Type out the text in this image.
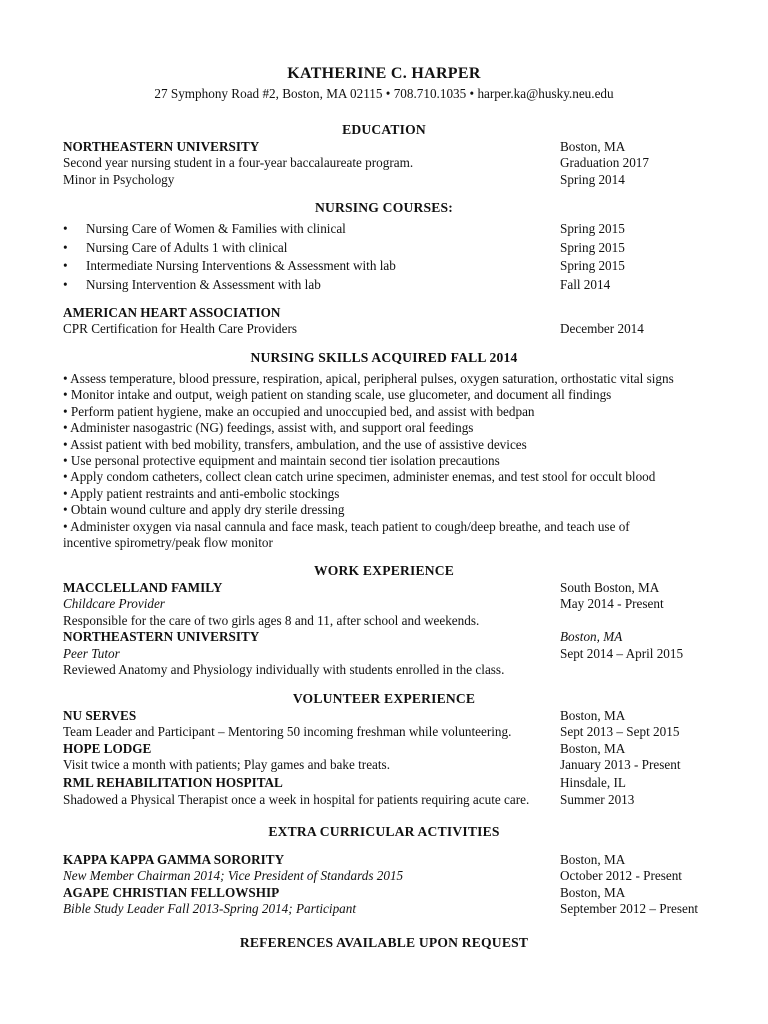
KATHERINE C. HARPER
27 Symphony Road #2, Boston, MA 02115 • 708.710.1035 • harper.ka@husky.neu.edu
EDUCATION
NORTHEASTERN UNIVERSITY	Boston, MA
Second year nursing student in a four-year baccalaureate program.	Graduation 2017
Minor in Psychology	Spring 2014
NURSING COURSES:
• Nursing Care of Women & Families with clinical	Spring 2015
• Nursing Care of Adults 1 with clinical	Spring 2015
• Intermediate Nursing Interventions & Assessment with lab	Spring 2015
• Nursing Intervention & Assessment with lab	Fall 2014
AMERICAN HEART ASSOCIATION
CPR Certification for Health Care Providers	December 2014
NURSING SKILLS ACQUIRED FALL 2014
• Assess temperature, blood pressure, respiration, apical, peripheral pulses, oxygen saturation, orthostatic vital signs
• Monitor intake and output, weigh patient on standing scale, use glucometer, and document all findings
• Perform patient hygiene, make an occupied and unoccupied bed, and assist with bedpan
• Administer nasogastric (NG) feedings, assist with, and support oral feedings
• Assist patient with bed mobility, transfers, ambulation, and the use of assistive devices
• Use personal protective equipment and maintain second tier isolation precautions
• Apply condom catheters, collect clean catch urine specimen, administer enemas, and test stool for occult blood
• Apply patient restraints and anti-embolic stockings
• Obtain wound culture and apply dry sterile dressing
• Administer oxygen via nasal cannula and face mask, teach patient to cough/deep breathe, and teach use of
incentive spirometry/peak flow monitor
WORK EXPERIENCE
MACCLELLAND FAMILY	South Boston, MA
Childcare Provider	May 2014 - Present
Responsible for the care of two girls ages 8 and 11, after school and weekends.
NORTHEASTERN UNIVERSITY	Boston, MA
Peer Tutor	Sept 2014 – April 2015
Reviewed Anatomy and Physiology individually with students enrolled in the class.
VOLUNTEER EXPERIENCE
NU SERVES	Boston, MA
Team Leader and Participant – Mentoring 50 incoming freshman while volunteering.	Sept 2013 – Sept 2015
HOPE LODGE	Boston, MA
Visit twice a month with patients; Play games and bake treats.	January 2013 - Present
RML REHABILITATION HOSPITAL	Hinsdale, IL
Shadowed a Physical Therapist once a week in hospital for patients requiring acute care. Summer 2013
EXTRA CURRICULAR ACTIVITIES
KAPPA KAPPA GAMMA SORORITY	Boston, MA
New Member Chairman 2014; Vice President of Standards 2015	October 2012 - Present
AGAPE CHRISTIAN FELLOWSHIP	Boston, MA
Bible Study Leader Fall 2013-Spring 2014; Participant	September 2012 – Present
REFERENCES AVAILABLE UPON REQUEST
